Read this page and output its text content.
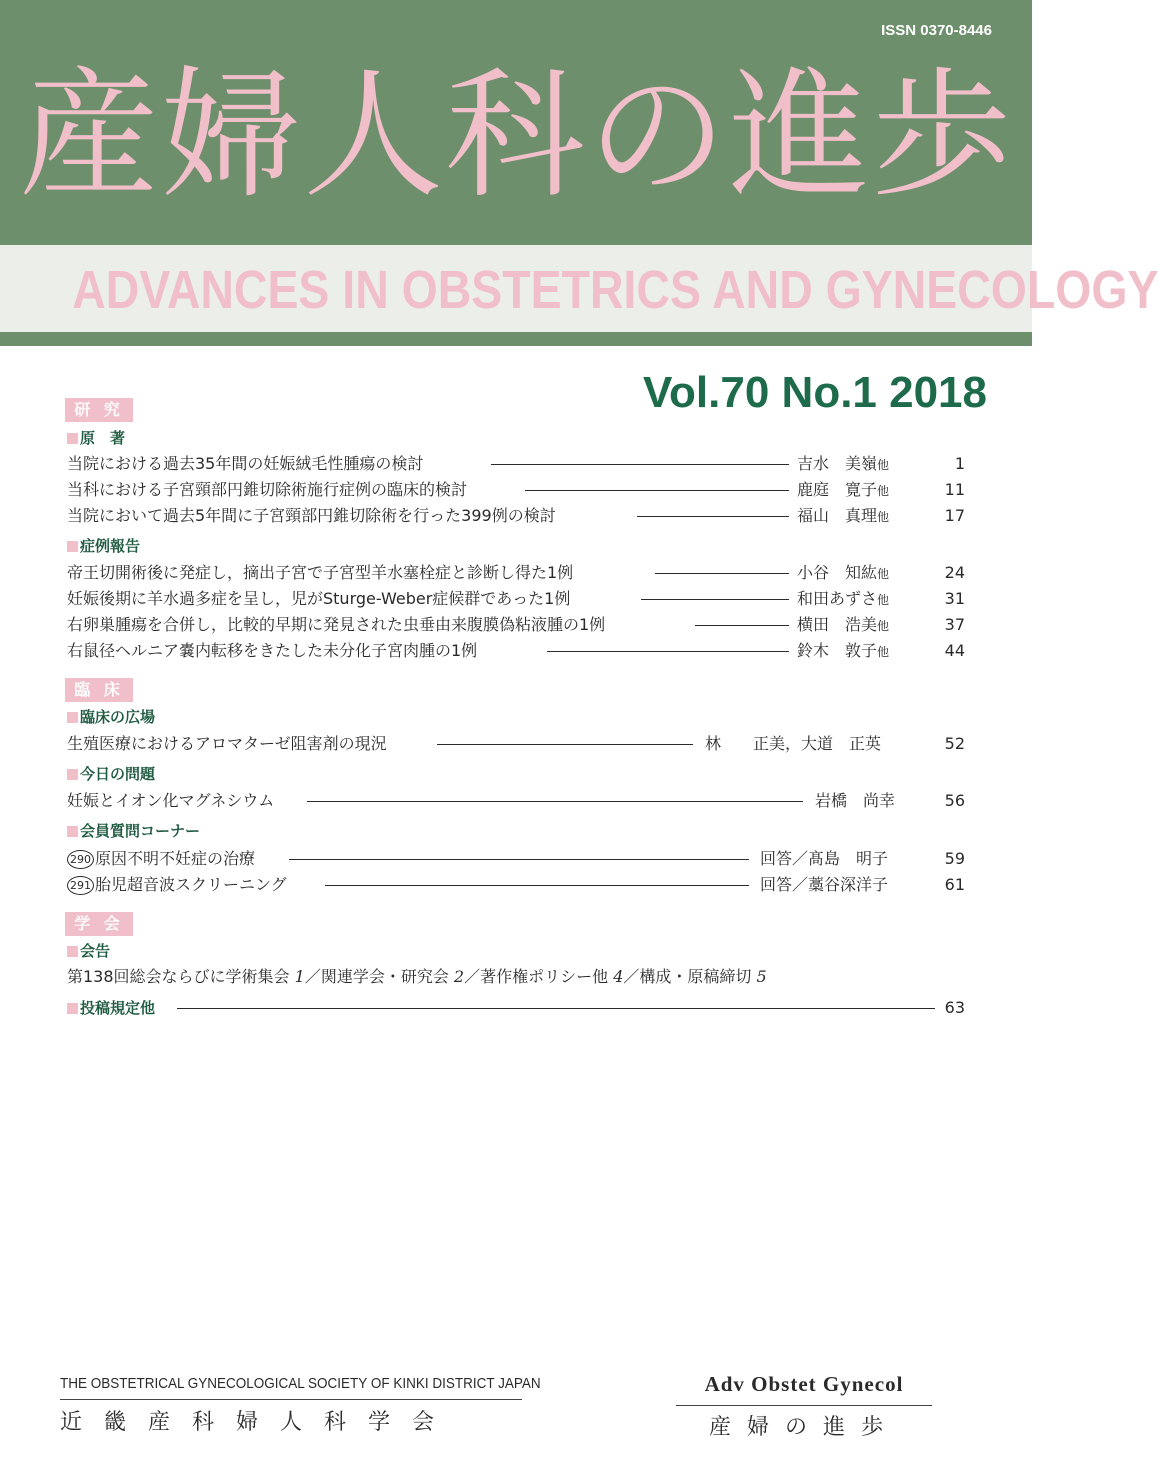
ISSN 0370-8446
産婦人科の進歩
ADVANCES IN OBSTETRICS AND GYNECOLOGY
Vol.70 No.1 2018
研 究
原　著
当院における過去35年間の妊娠絨毛性腫瘍の検討	吉水　美嶺他	1
当科における子宮頸部円錐切除術施行症例の臨床的検討	鹿庭　寛子他	11
当院において過去5年間に子宮頸部円錐切除術を行った399例の検討	福山　真理他	17
症例報告
帝王切開術後に発症し，摘出子宮で子宮型羊水塞栓症と診断し得た1例	小谷　知紘他	24
妊娠後期に羊水過多症を呈し，児がSturge-Weber症候群であった1例	和田あずさ他	31
右卵巣腫瘍を合併し，比較的早期に発見された虫垂由来腹膜偽粘液腫の1例	横田　浩美他	37
右鼠径ヘルニア嚢内転移をきたした未分化子宮肉腫の1例	鈴木　敦子他	44
臨 床
臨床の広場
生殖医療におけるアロマターゼ阻害剤の現況	林　　正美，大道　正英	52
今日の問題
妊娠とイオン化マグネシウム	岩橋　尚幸	56
会員質問コーナー
290 原因不明不妊症の治療	回答／髙島　明子	59
291 胎児超音波スクリーニング	回答／藁谷深洋子	61
学 会
会告
第138回総会ならびに学術集会 1／関連学会・研究会 2／著作権ポリシー他 4／構成・原稿締切 5
投稿規定他	63
THE OBSTETRICAL GYNECOLOGICAL SOCIETY OF KINKI DISTRICT JAPAN
近畿産科婦人科学会
Adv Obstet Gynecol
産婦の進歩
